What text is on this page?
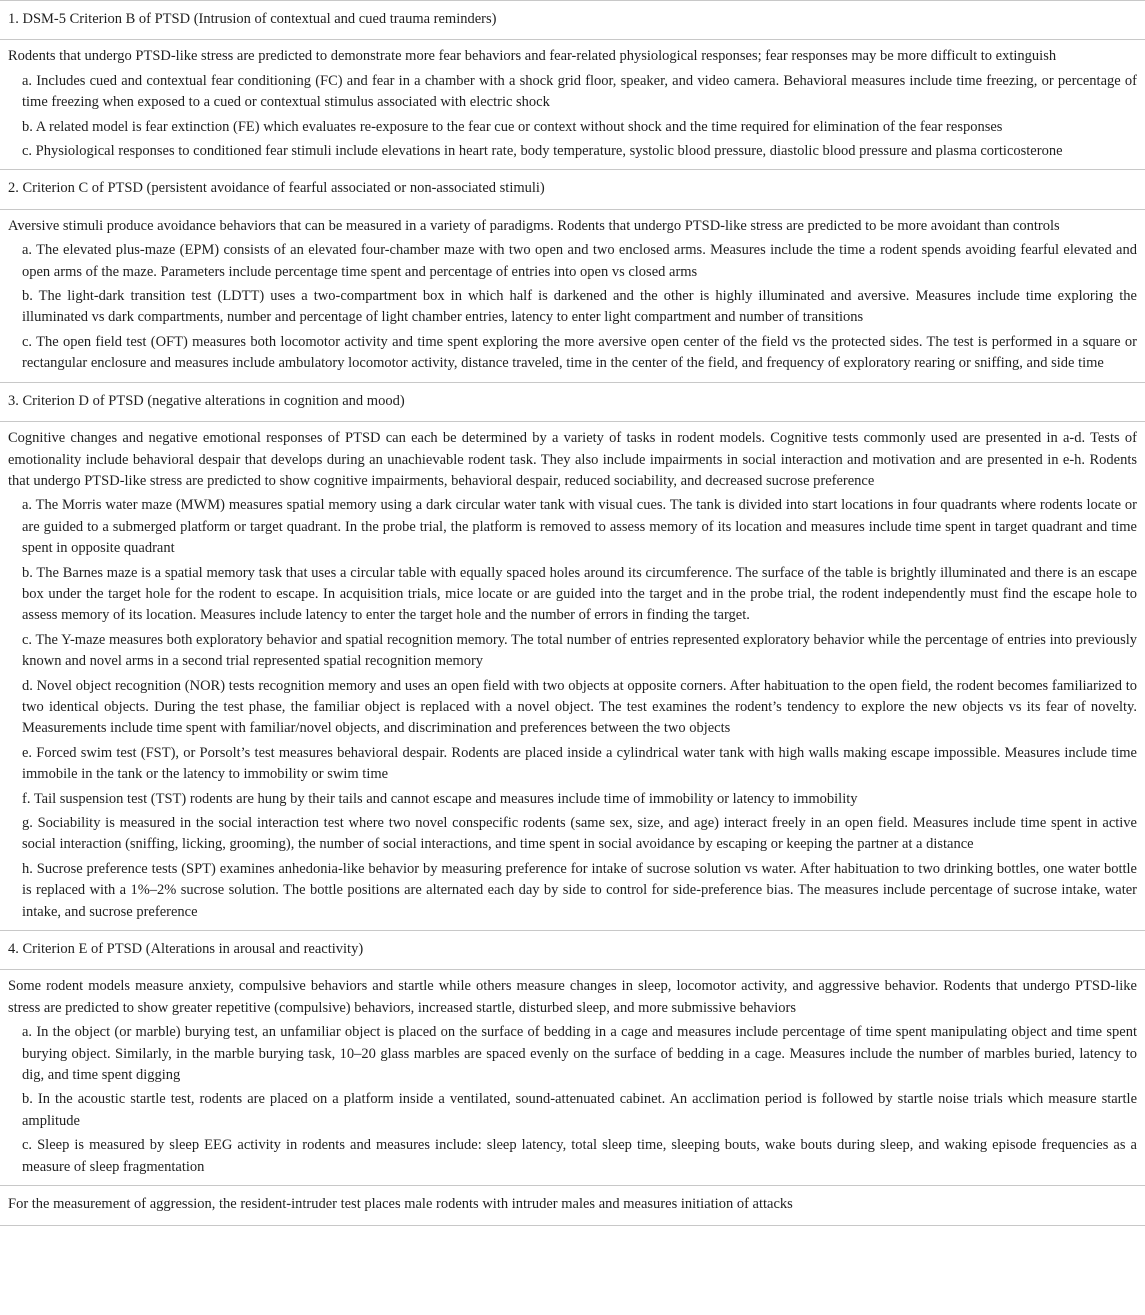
1. DSM-5 Criterion B of PTSD (Intrusion of contextual and cued trauma reminders)

Rodents that undergo PTSD-like stress are predicted to demonstrate more fear behaviors and fear-related physiological responses; fear responses may be more difficult to extinguish

a. Includes cued and contextual fear conditioning (FC) and fear in a chamber with a shock grid floor, speaker, and video camera. Behavioral measures include time freezing, or percentage of time freezing when exposed to a cued or contextual stimulus associated with electric shock

b. A related model is fear extinction (FE) which evaluates re-exposure to the fear cue or context without shock and the time required for elimination of the fear responses

c. Physiological responses to conditioned fear stimuli include elevations in heart rate, body temperature, systolic blood pressure, diastolic blood pressure and plasma corticosterone

2. Criterion C of PTSD (persistent avoidance of fearful associated or non-associated stimuli)

Aversive stimuli produce avoidance behaviors that can be measured in a variety of paradigms. Rodents that undergo PTSD-like stress are predicted to be more avoidant than controls

a. The elevated plus-maze (EPM) consists of an elevated four-chamber maze with two open and two enclosed arms. Measures include the time a rodent spends avoiding fearful elevated and open arms of the maze. Parameters include percentage time spent and percentage of entries into open vs closed arms

b. The light-dark transition test (LDTT) uses a two-compartment box in which half is darkened and the other is highly illuminated and aversive. Measures include time exploring the illuminated vs dark compartments, number and percentage of light chamber entries, latency to enter light compartment and number of transitions

c. The open field test (OFT) measures both locomotor activity and time spent exploring the more aversive open center of the field vs the protected sides. The test is performed in a square or rectangular enclosure and measures include ambulatory locomotor activity, distance traveled, time in the center of the field, and frequency of exploratory rearing or sniffing, and side time

3. Criterion D of PTSD (negative alterations in cognition and mood)

Cognitive changes and negative emotional responses of PTSD can each be determined by a variety of tasks in rodent models. Cognitive tests commonly used are presented in a-d. Tests of emotionality include behavioral despair that develops during an unachievable rodent task. They also include impairments in social interaction and motivation and are presented in e-h. Rodents that undergo PTSD-like stress are predicted to show cognitive impairments, behavioral despair, reduced sociability, and decreased sucrose preference

a. The Morris water maze (MWM) measures spatial memory using a dark circular water tank with visual cues. The tank is divided into start locations in four quadrants where rodents locate or are guided to a submerged platform or target quadrant. In the probe trial, the platform is removed to assess memory of its location and measures include time spent in target quadrant and time spent in opposite quadrant

b. The Barnes maze is a spatial memory task that uses a circular table with equally spaced holes around its circumference. The surface of the table is brightly illuminated and there is an escape box under the target hole for the rodent to escape. In acquisition trials, mice locate or are guided into the target and in the probe trial, the rodent independently must find the escape hole to assess memory of its location. Measures include latency to enter the target hole and the number of errors in finding the target.

c. The Y-maze measures both exploratory behavior and spatial recognition memory. The total number of entries represented exploratory behavior while the percentage of entries into previously known and novel arms in a second trial represented spatial recognition memory

d. Novel object recognition (NOR) tests recognition memory and uses an open field with two objects at opposite corners. After habituation to the open field, the rodent becomes familiarized to two identical objects. During the test phase, the familiar object is replaced with a novel object. The test examines the rodent’s tendency to explore the new objects vs its fear of novelty. Measurements include time spent with familiar/novel objects, and discrimination and preferences between the two objects

e. Forced swim test (FST), or Porsolt’s test measures behavioral despair. Rodents are placed inside a cylindrical water tank with high walls making escape impossible. Measures include time immobile in the tank or the latency to immobility or swim time

f. Tail suspension test (TST) rodents are hung by their tails and cannot escape and measures include time of immobility or latency to immobility

g. Sociability is measured in the social interaction test where two novel conspecific rodents (same sex, size, and age) interact freely in an open field. Measures include time spent in active social interaction (sniffing, licking, grooming), the number of social interactions, and time spent in social avoidance by escaping or keeping the partner at a distance

h. Sucrose preference tests (SPT) examines anhedonia-like behavior by measuring preference for intake of sucrose solution vs water. After habituation to two drinking bottles, one water bottle is replaced with a 1%–2% sucrose solution. The bottle positions are alternated each day by side to control for side-preference bias. The measures include percentage of sucrose intake, water intake, and sucrose preference

4. Criterion E of PTSD (Alterations in arousal and reactivity)

Some rodent models measure anxiety, compulsive behaviors and startle while others measure changes in sleep, locomotor activity, and aggressive behavior. Rodents that undergo PTSD-like stress are predicted to show greater repetitive (compulsive) behaviors, increased startle, disturbed sleep, and more submissive behaviors

a. In the object (or marble) burying test, an unfamiliar object is placed on the surface of bedding in a cage and measures include percentage of time spent manipulating object and time spent burying object. Similarly, in the marble burying task, 10–20 glass marbles are spaced evenly on the surface of bedding in a cage. Measures include the number of marbles buried, latency to dig, and time spent digging

b. In the acoustic startle test, rodents are placed on a platform inside a ventilated, sound-attenuated cabinet. An acclimation period is followed by startle noise trials which measure startle amplitude

c. Sleep is measured by sleep EEG activity in rodents and measures include: sleep latency, total sleep time, sleeping bouts, wake bouts during sleep, and waking episode frequencies as a measure of sleep fragmentation

For the measurement of aggression, the resident-intruder test places male rodents with intruder males and measures initiation of attacks
